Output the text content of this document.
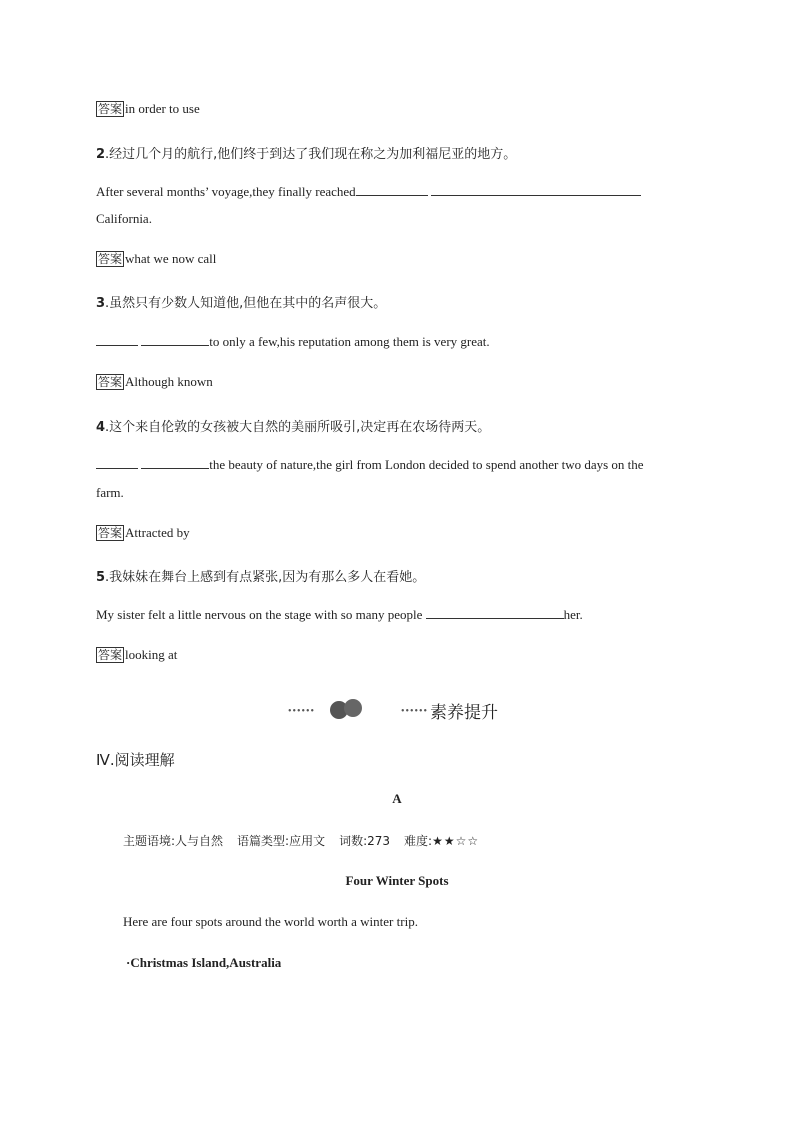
答案 in order to use
2.经过几个月的航行,他们终于到达了我们现在称之为加利福尼亚的地方。
After several months’ voyage,they finally reached
California.
答案 what we now call
3.虽然只有少数人知道他,但他在其中的名声很大。
to only a few,his reputation among them is very great.
答案 Although known
4.这个来自伦敦的女孩被大自然的美丽所吸引,决定再在农场待两天。
the beauty of nature,the girl from London decided to spend another two days on the
farm.
答案 Attracted by
5.我妹妹在舞台上感到有点紧张,因为有那么多人在看她。
My sister felt a little nervous on the stage with so many people	her.
答案 looking at
••••••	•••••• 素养提升
Ⅳ.阅读理解
A
主题语境:人与自然 语篇类型:应用文 词数:273 难度:★★☆☆
Four Winter Spots
Here are four spots around the world worth a winter trip.
·Christmas Island,Australia
